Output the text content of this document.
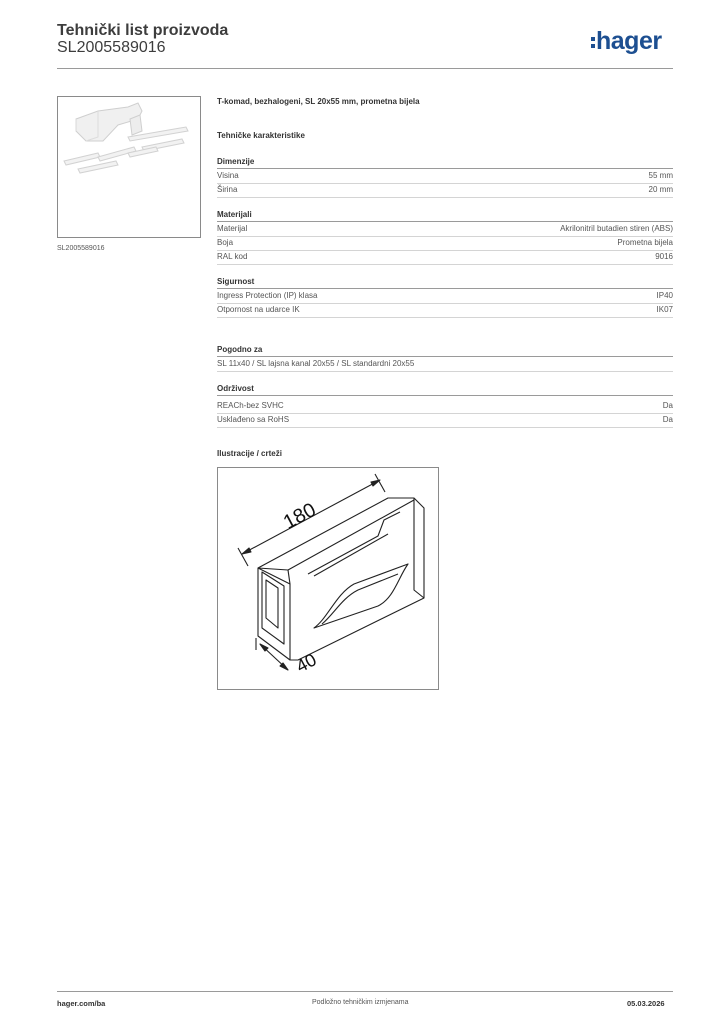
Tehnički list proizvoda
SL2005589016	hager
SL2005589016
T-komad, bezhalogeni, SL 20x55 mm, prometna bijela
Tehničke karakteristike
Dimenzije
Visina	55 mm
Širina	20 mm
Materijali
Materijal	Akrilonitril butadien stiren (ABS)
Boja	Prometna bijela
RAL kod	9016
Sigurnost
Ingress Protection (IP) klasa	IP40
Otpornost na udarce IK	IK07
Pogodno za
SL 11x40 / SL lajsna kanal 20x55 / SL standardni 20x55
Održivost
REACh-bez SVHC	Da
Usklađeno sa RoHS	Da
Ilustracije / crteži
180
40
hager.com/ba	Podložno tehničkim izmjenama	05.03.2026
